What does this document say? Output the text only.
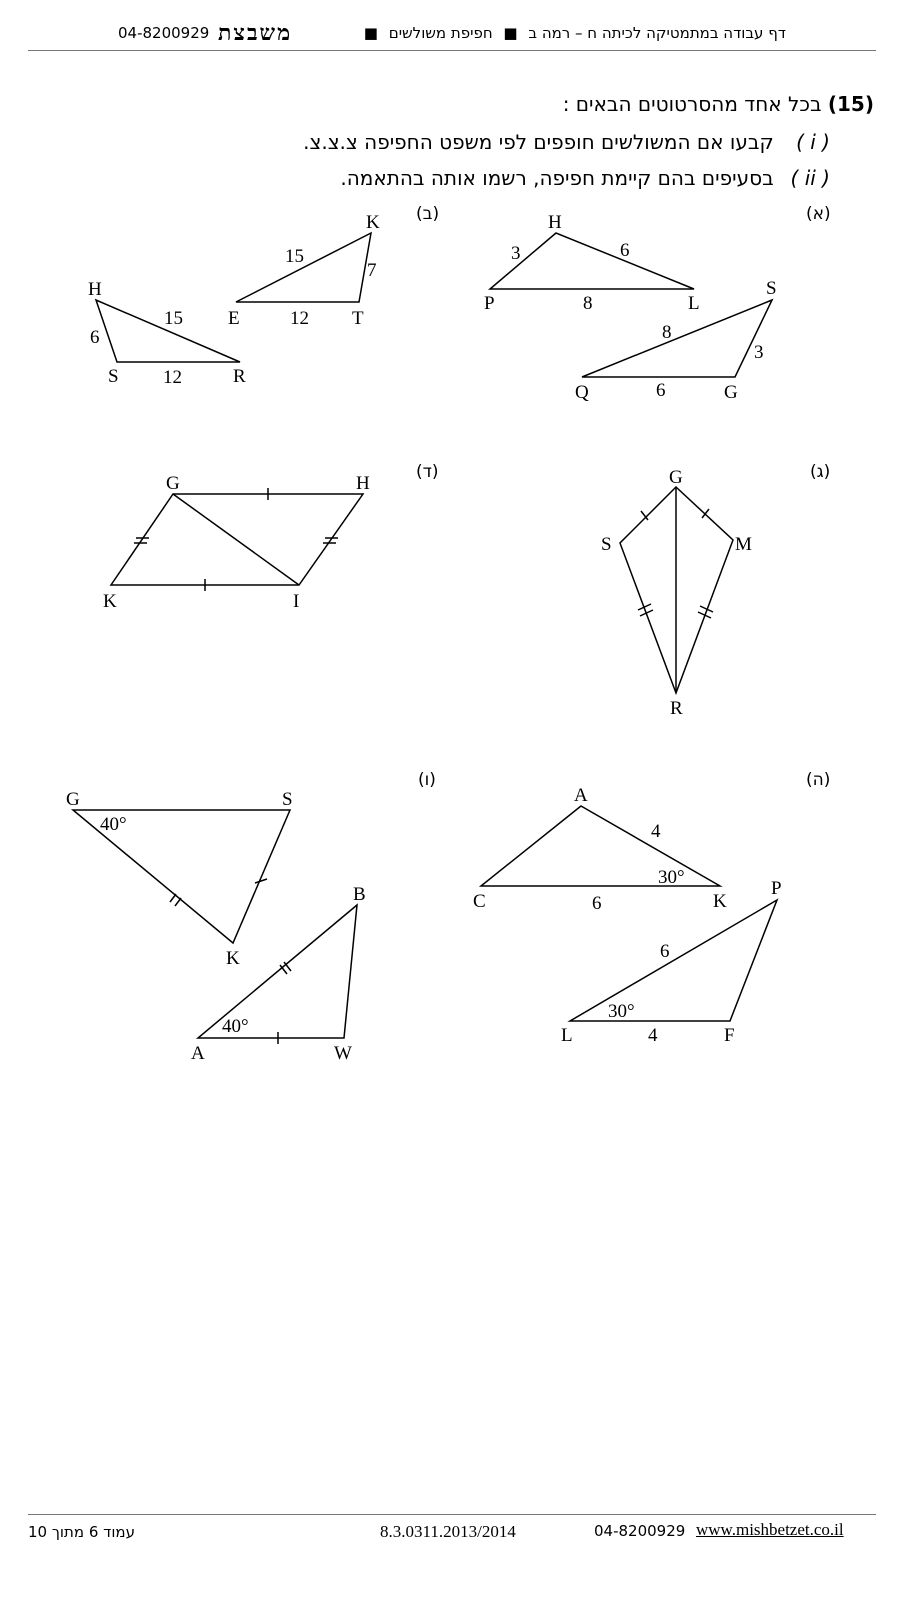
04-8200929 משבצת	דף עבודה במתמטיקה לכיתה ח – רמה ב ■ חפיפת משולשים ■
(15) בכל אחד מהסרטוטים הבאים :
( i ) קבעו אם המשולשים חופפים לפי משפט החפיפה צ.צ.צ.
( ii ) בסעיפים בהם קיימת חפיפה, רשמו אותה בהתאמה.
(א)
(ב)
(ג)
(ד)
(ה)
(ו)
H
P	L
3	6
8
S
Q	G
8
3
6
K
E	T
15
7
12
H
S	R
6
15
12
G
S	M
R
G	H
K	I
A
C	K
4
6
30°
P
L	F
6
4
30°
G	S
K
40°
B
A	W
40°
עמוד 6 מתוך 10	8.3.0311.2013/2014	04-8200929 www.mishbetzet.co.il
